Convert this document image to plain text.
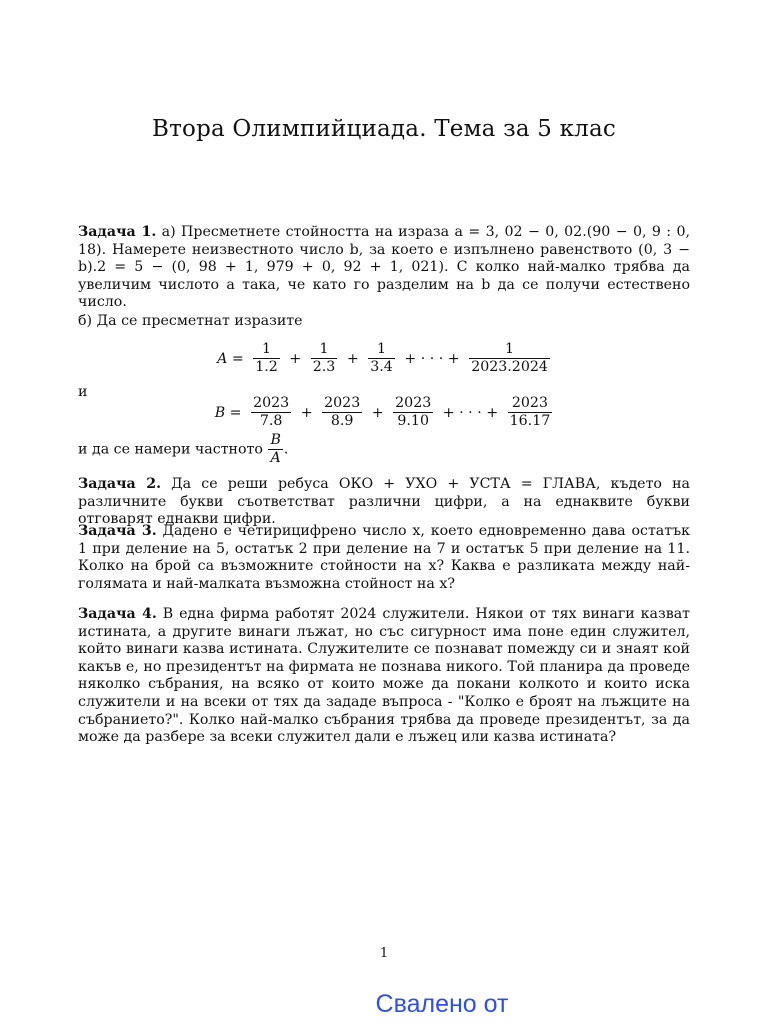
Втора Олимпийциада. Тема за 5 клас
Задача 1. а) Пресметнете стойността на израза a = 3, 02 − 0, 02.(90 − 0, 9 : 0, 18). Намерете неизвестното число b, за което е изпълнено равенството (0, 3 − b).2 = 5 − (0, 98 + 1, 979 + 0, 92 + 1, 021). С колко най-малко трябва да увеличим числото a така, че като го разделим на b да се получи естествено число.
б) Да се пресметнат изразите
$A = \frac{1}{1.2} + \frac{1}{2.3} + \frac{1}{3.4}$ + · · · + $\frac{1}{2023.2024}$
и
$B = \frac{2023}{7.8} + \frac{2023}{8.9} + \frac{2023}{9.10}$ + · · · + $\frac{2023}{16.17}$
и да се намери частното $\frac{B}{A}$ .
Задача 2. Да се реши ребуса ОКО + УХО + УСТА = ГЛАВА, където на различните букви съответстват различни цифри, а на еднаквите букви отговарят еднакви цифри.
Задача 3. Дадено е четирицифрено число x, което едновременно дава остатък 1 при деление на 5, остатък 2 при деление на 7 и остатък 5 при деление на 11. Колко на брой са възможните стойности на x? Каква е разликата между най-голямата и най-малката възможна стойност на x?
Задача 4. В една фирма работят 2024 служители. Някои от тях винаги казват истината, а другите винаги лъжат, но със сигурност има поне един служител, който винаги казва истината. Служителите се познават помежду си и знаят кой какъв е, но президентът на фирмата не познава никого. Той планира да проведе няколко събрания, на всяко от които може да покани колкото и които иска служители и на всеки от тях да зададе въпроса - "Колко е броят на лъжците на събранието?". Колко най-малко събрания трябва да проведе президентът, за да може да разбере за всеки служител дали е лъжец или казва истината?
1
Свалено от
